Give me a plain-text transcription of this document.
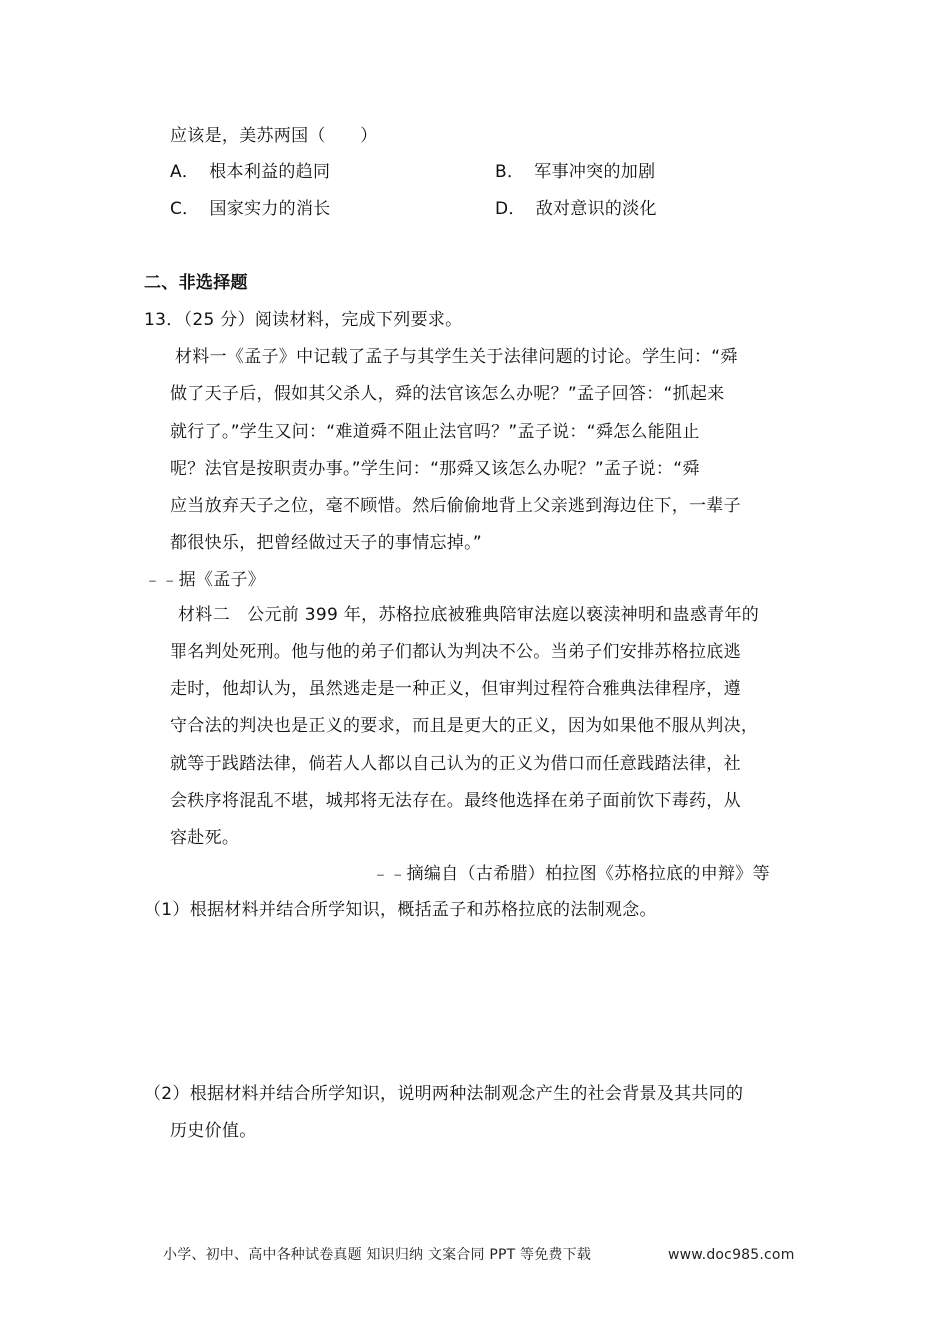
应该是，美苏两国（　　）
A． 根本利益的趋同	B． 军事冲突的加剧
C． 国家实力的消长	D． 敌对意识的淡化
二、非选择题
13．（25 分）阅读材料，完成下列要求。
材料一《孟子》中记载了孟子与其学生关于法律问题的讨论。学生问：“舜
做了天子后，假如其父杀人，舜的法官该怎么办呢？”孟子回答：“抓起来
就行了。”学生又问：“难道舜不阻止法官吗？”孟子说：“舜怎么能阻止
呢？法官是按职责办事。”学生问：“那舜又该怎么办呢？”孟子说：“舜
应当放弃天子之位，毫不顾惜。然后偷偷地背上父亲逃到海边住下，一辈子
都很快乐，把曾经做过天子的事情忘掉。”
﹣﹣据《孟子》
材料二　公元前 399 年，苏格拉底被雅典陪审法庭以亵渎神明和蛊惑青年的
罪名判处死刑。他与他的弟子们都认为判决不公。当弟子们安排苏格拉底逃
走时，他却认为，虽然逃走是一种正义，但审判过程符合雅典法律程序，遵
守合法的判决也是正义的要求，而且是更大的正义，因为如果他不服从判决，
就等于践踏法律，倘若人人都以自己认为的正义为借口而任意践踏法律，社
会秩序将混乱不堪，城邦将无法存在。最终他选择在弟子面前饮下毒药，从
容赴死。
﹣﹣摘编自（古希腊）柏拉图《苏格拉底的申辩》等
（1）根据材料并结合所学知识，概括孟子和苏格拉底的法制观念。
（2）根据材料并结合所学知识，说明两种法制观念产生的社会背景及其共同的
历史价值。
小学、初中、高中各种试卷真题 知识归纳 文案合同 PPT 等免费下载	www.doc985.com
